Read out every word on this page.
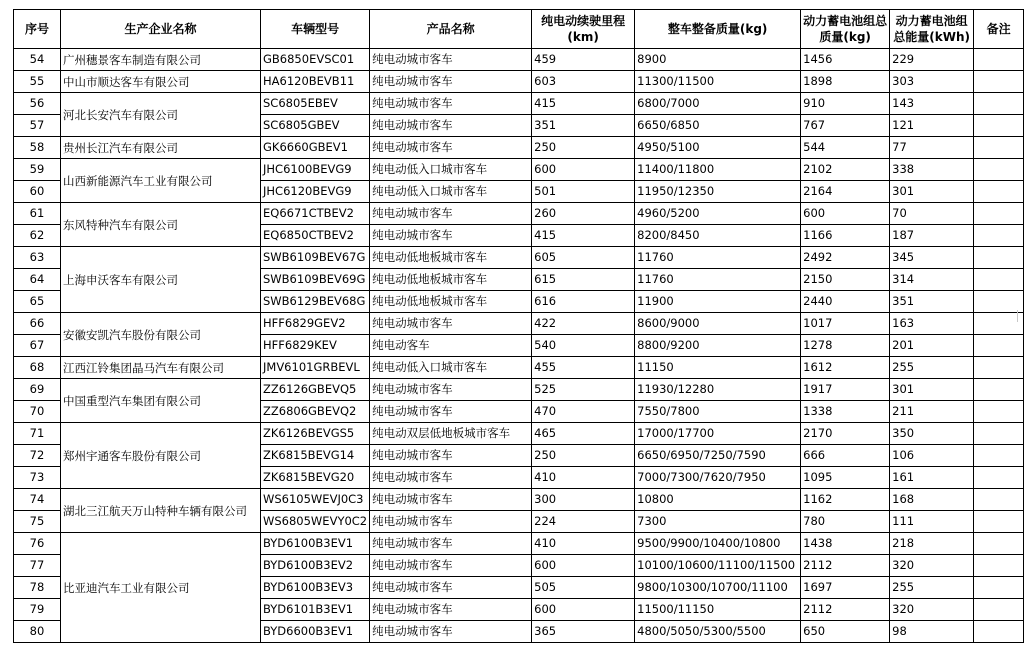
序号	生产企业名称	车辆型号	产品名称	纯电动续驶里程(km)	整车整备质量(kg)	动力蓄电池组总质量(kg)	动力蓄电池组总能量(kWh)	备注
54	广州穗景客车制造有限公司	GB6850EVSC01	纯电动城市客车	459	8900	1456	229	
55	中山市顺达客车有限公司	HA6120BEVB11	纯电动城市客车	603	11300/11500	1898	303	
56	河北长安汽车有限公司	SC6805EBEV	纯电动城市客车	415	6800/7000	910	143	
57		SC6805GBEV	纯电动城市客车	351	6650/6850	767	121	
58	贵州长江汽车有限公司	GK6660GBEV1	纯电动城市客车	250	4950/5100	544	77	
59	山西新能源汽车工业有限公司	JHC6100BEVG9	纯电动低入口城市客车	600	11400/11800	2102	338	
60		JHC6120BEVG9	纯电动低入口城市客车	501	11950/12350	2164	301	
61	东风特种汽车有限公司	EQ6671CTBEV2	纯电动城市客车	260	4960/5200	600	70	
62		EQ6850CTBEV2	纯电动城市客车	415	8200/8450	1166	187	
63	上海申沃客车有限公司	SWB6109BEV67G	纯电动低地板城市客车	605	11760	2492	345	
64		SWB6109BEV69G	纯电动低地板城市客车	615	11760	2150	314	
65		SWB6129BEV68G	纯电动低地板城市客车	616	11900	2440	351	
66	安徽安凯汽车股份有限公司	HFF6829GEV2	纯电动城市客车	422	8600/9000	1017	163	
67		HFF6829KEV	纯电动客车	540	8800/9200	1278	201	
68	江西江铃集团晶马汽车有限公司	JMV6101GRBEVL	纯电动低入口城市客车	455	11150	1612	255	
69	中国重型汽车集团有限公司	ZZ6126GBEVQ5	纯电动城市客车	525	11930/12280	1917	301	
70		ZZ6806GBEVQ2	纯电动城市客车	470	7550/7800	1338	211	
71	郑州宇通客车股份有限公司	ZK6126BEVGS5	纯电动双层低地板城市客车	465	17000/17700	2170	350	
72		ZK6815BEVG14	纯电动城市客车	250	6650/6950/7250/7590	666	106	
73		ZK6815BEVG20	纯电动城市客车	410	7000/7300/7620/7950	1095	161	
74	湖北三江航天万山特种车辆有限公司	WS6105WEVJ0C3	纯电动城市客车	300	10800	1162	168	
75		WS6805WEVY0C2	纯电动城市客车	224	7300	780	111	
76	比亚迪汽车工业有限公司	BYD6100B3EV1	纯电动城市客车	410	9500/9900/10400/10800	1438	218	
77		BYD6100B3EV2	纯电动城市客车	600	10100/10600/11100/11500	2112	320	
78		BYD6100B3EV3	纯电动城市客车	505	9800/10300/10700/11100	1697	255	
79		BYD6101B3EV1	纯电动城市客车	600	11500/11150	2112	320	
80		BYD6600B3EV1	纯电动城市客车	365	4800/5050/5300/5500	650	98	
